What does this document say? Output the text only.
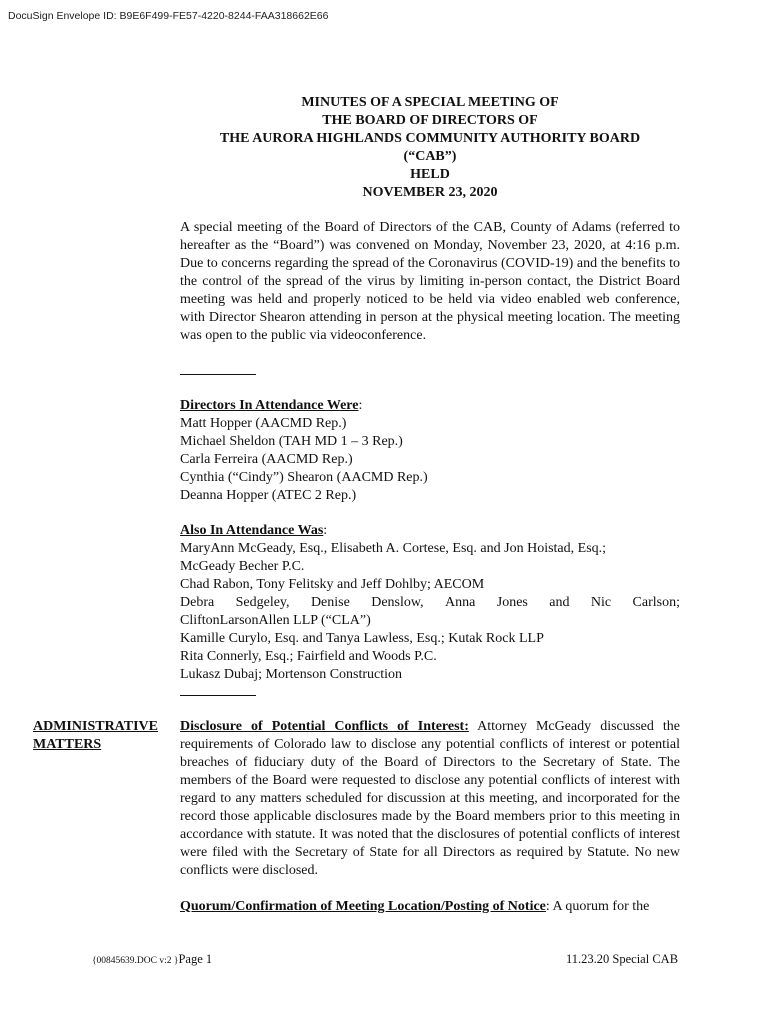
DocuSign Envelope ID: B9E6F499-FE57-4220-8244-FAA318662E66
MINUTES OF A SPECIAL MEETING OF
THE BOARD OF DIRECTORS OF
THE AURORA HIGHLANDS COMMUNITY AUTHORITY BOARD
(“CAB”)
HELD
NOVEMBER 23, 2020
A special meeting of the Board of Directors of the CAB, County of Adams (referred to hereafter as the “Board”) was convened on Monday, November 23, 2020, at 4:16 p.m. Due to concerns regarding the spread of the Coronavirus (COVID-19) and the benefits to the control of the spread of the virus by limiting in-person contact, the District Board meeting was held and properly noticed to be held via video enabled web conference, with Director Shearon attending in person at the physical meeting location. The meeting was open to the public via videoconference.
Directors In Attendance Were:
Matt Hopper (AACMD Rep.)
Michael Sheldon (TAH MD 1 – 3 Rep.)
Carla Ferreira (AACMD Rep.)
Cynthia (“Cindy”) Shearon (AACMD Rep.)
Deanna Hopper (ATEC 2 Rep.)
Also In Attendance Was:
MaryAnn McGeady, Esq., Elisabeth A. Cortese, Esq. and Jon Hoistad, Esq.;
McGeady Becher P.C.
Chad Rabon, Tony Felitsky and Jeff Dohlby; AECOM
Debra Sedgeley, Denise Denslow, Anna Jones and Nic Carlson;
CliftonLarsonAllen LLP (“CLA”)
Kamille Curylo, Esq. and Tanya Lawless, Esq.; Kutak Rock LLP
Rita Connerly, Esq.; Fairfield and Woods P.C.
Lukasz Dubaj; Mortenson Construction
ADMINISTRATIVE
MATTERS
Disclosure of Potential Conflicts of Interest: Attorney McGeady discussed the requirements of Colorado law to disclose any potential conflicts of interest or potential breaches of fiduciary duty of the Board of Directors to the Secretary of State. The members of the Board were requested to disclose any potential conflicts of interest with regard to any matters scheduled for discussion at this meeting, and incorporated for the record those applicable disclosures made by the Board members prior to this meeting in accordance with statute. It was noted that the disclosures of potential conflicts of interest were filed with the Secretary of State for all Directors as required by Statute. No new conflicts were disclosed.
Quorum/Confirmation of Meeting Location/Posting of Notice: A quorum for the
{00845639.DOC v:2 }Page 1	11.23.20 Special CAB
